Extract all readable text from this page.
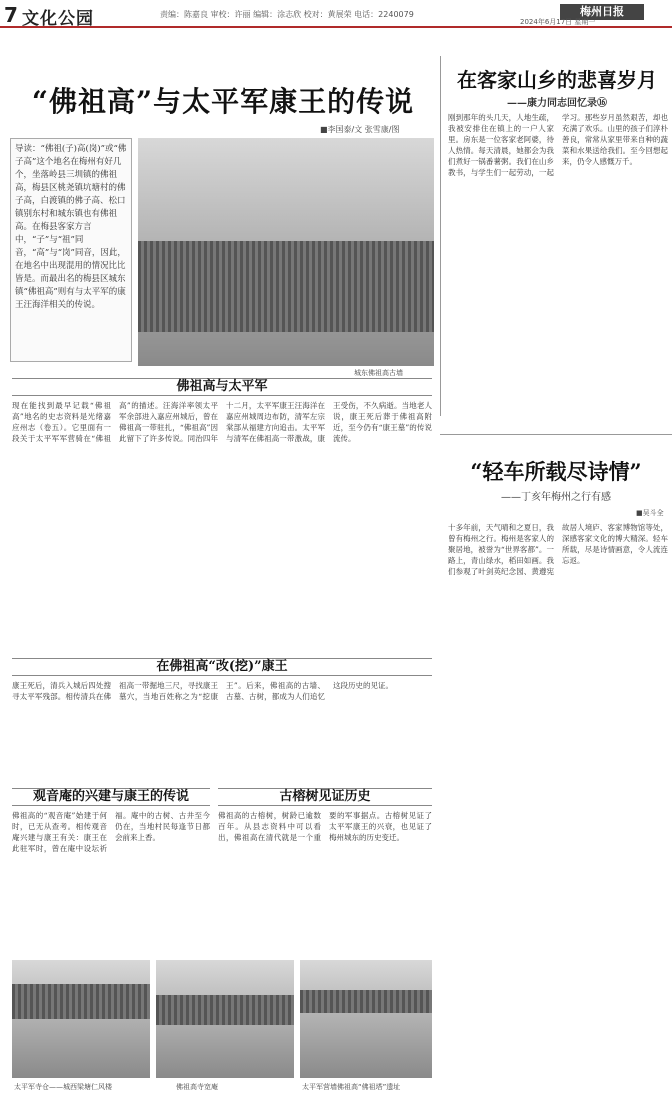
7 文化公园	责编：陈嘉良 审校：许丽 编辑：涂志欣 校对：黄展荣 电话：2240079	梅州日报
2024年6月17日 星期一
“佛祖高”与太平军康王的传说
■李国泰/文 张雪康/图
导读：“佛祖(子)高(岗)”或“佛子高”这个地名在梅州有好几个，坐落岭县三圳镇的佛祖高，梅县区桃尧镇坑塘村的佛子高，白渡镇的佛子高、松口镇别东村和城东镇也有佛祖高。在梅县客家方言中，“子”与“祖”同音，“高”与“岗”同音，因此，在地名中出现混用的情况比比皆是。而最出名的梅县区城东镇“佛祖高”则有与太平军的康王汪海洋相关的传说。
城东佛祖高古墙
佛祖高与太平军
现在能找到最早记载“佛祖高”地名的史志资料是光绪嘉应州志（卷五）。它里面有一段关于太平军军营骑在“佛祖高”的描述。汪海洋率领太平军余部进入嘉应州城后，曾在佛祖高一带驻扎，“佛祖高”因此留下了许多传说。同治四年十二月，太平军康王汪海洋在嘉应州城周边布防，清军左宗棠部从福建方向追击。太平军与清军在佛祖高一带激战，康王受伤，不久病逝。当地老人说，康王死后葬于佛祖高附近，至今仍有“康王墓”的传说流传。
在佛祖高“改(挖)”康王
康王死后，清兵入城后四处搜寻太平军残部。相传清兵在佛祖高一带掘地三尺，寻找康王墓穴，当地百姓称之为“挖康王”。后来，佛祖高的古墙、古墓、古树，都成为人们追忆这段历史的见证。
观音庵的兴建与康王的传说
佛祖高的“观音庵”始建于何时，已无从查考。相传观音庵兴建与康王有关：康王在此驻军时，曾在庵中设坛祈福。庵中的古树、古井至今仍在，当地村民每逢节日都会前来上香。
古榕树见证历史
佛祖高的古榕树，树龄已逾数百年。从县志资料中可以看出，佛祖高在清代就是一个重要的军事据点。古榕树见证了太平军康王的兴衰，也见证了梅州城东的历史变迁。
太平军寺仓——城西梁塘仁风楼	佛祖高寺宽庵	太平军营墙佛祖高“佛祖塔”遗址
在客家山乡的悲喜岁月
——康力同志回忆录⑯
刚到那年的头几天，人地生疏，我被安排住在镇上的一户人家里。房东是一位客家老阿婆，待人热情。每天清晨，她都会为我们煮好一锅番薯粥。我们在山乡教书，与学生们一起劳动，一起学习。那些岁月虽然艰苦，却也充满了欢乐。山里的孩子们淳朴善良，常常从家里带来自种的蔬菜和水果送给我们。至今回想起来，仍令人感慨万千。
“轻车所载尽诗情”
——丁亥年梅州之行有感
■吴斗全
十多年前，天气晴和之夏日，我曾有梅州之行。梅州是客家人的聚居地，被誉为“世界客都”。一路上，青山绿水，稻田如画。我们参观了叶剑英纪念园、黄遵宪故居人境庐、客家博物馆等处，深感客家文化的博大精深。轻车所载，尽是诗情画意，令人流连忘返。
